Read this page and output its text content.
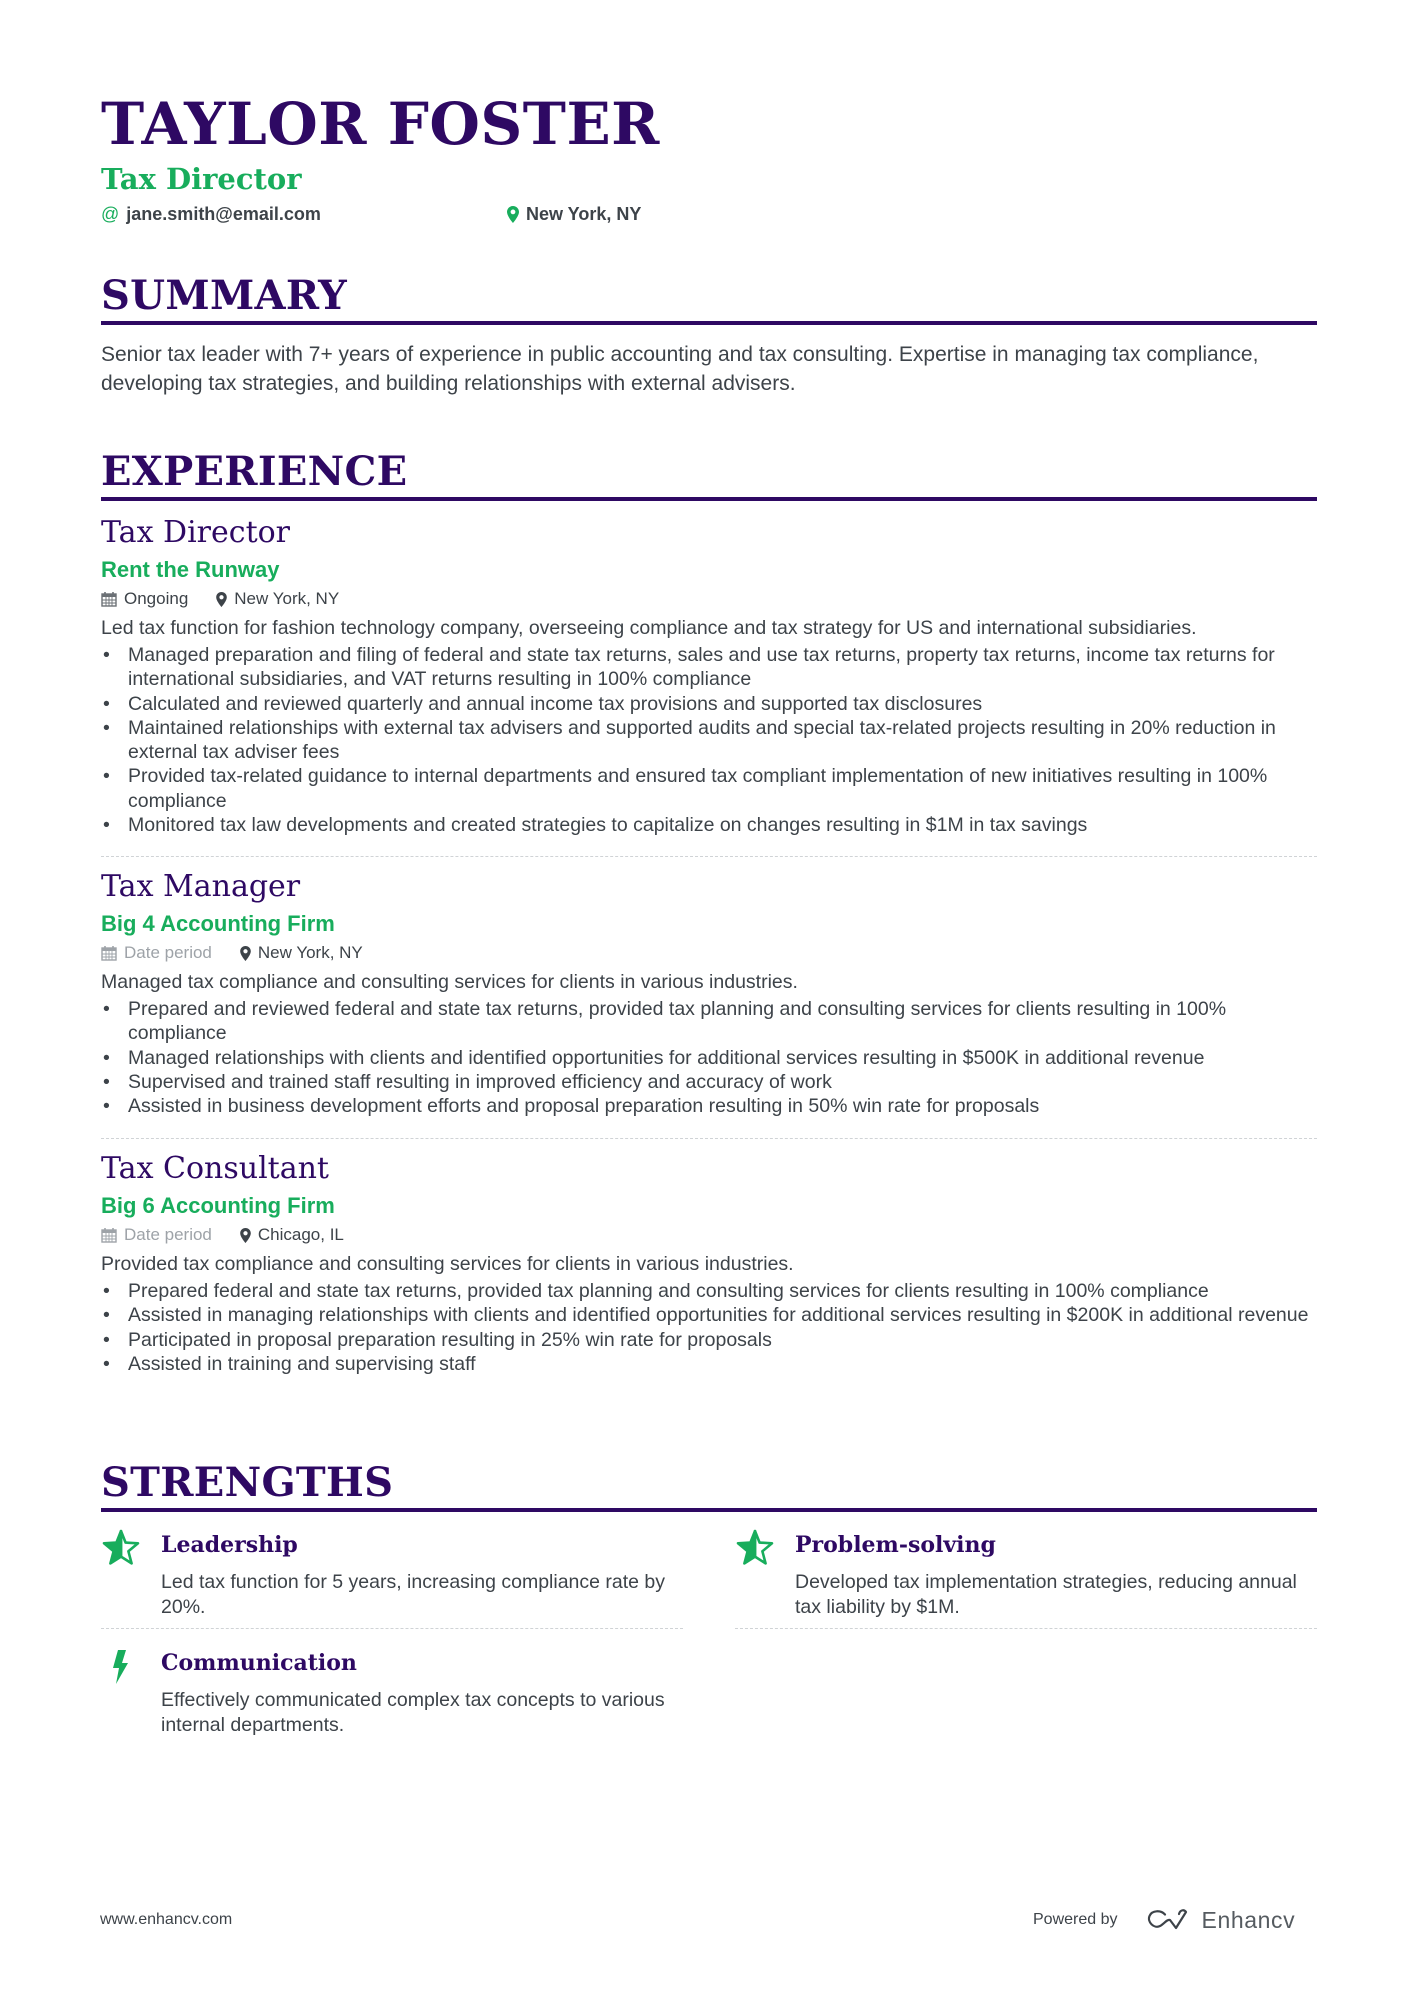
TAYLOR FOSTER
Tax Director
@ jane.smith@email.com	New York, NY
SUMMARY
Senior tax leader with 7+ years of experience in public accounting and tax consulting. Expertise in managing tax compliance, developing tax strategies, and building relationships with external advisers.
EXPERIENCE
Tax Director
Rent the Runway
Ongoing	New York, NY
Led tax function for fashion technology company, overseeing compliance and tax strategy for US and international subsidiaries.
• Managed preparation and filing of federal and state tax returns, sales and use tax returns, property tax returns, income tax returns for international subsidiaries, and VAT returns resulting in 100% compliance
• Calculated and reviewed quarterly and annual income tax provisions and supported tax disclosures
• Maintained relationships with external tax advisers and supported audits and special tax-related projects resulting in 20% reduction in external tax adviser fees
• Provided tax-related guidance to internal departments and ensured tax compliant implementation of new initiatives resulting in 100% compliance
• Monitored tax law developments and created strategies to capitalize on changes resulting in $1M in tax savings
Tax Manager
Big 4 Accounting Firm
Date period	New York, NY
Managed tax compliance and consulting services for clients in various industries.
• Prepared and reviewed federal and state tax returns, provided tax planning and consulting services for clients resulting in 100% compliance
• Managed relationships with clients and identified opportunities for additional services resulting in $500K in additional revenue
• Supervised and trained staff resulting in improved efficiency and accuracy of work
• Assisted in business development efforts and proposal preparation resulting in 50% win rate for proposals
Tax Consultant
Big 6 Accounting Firm
Date period	Chicago, IL
Provided tax compliance and consulting services for clients in various industries.
• Prepared federal and state tax returns, provided tax planning and consulting services for clients resulting in 100% compliance
• Assisted in managing relationships with clients and identified opportunities for additional services resulting in $200K in additional revenue
• Participated in proposal preparation resulting in 25% win rate for proposals
• Assisted in training and supervising staff
STRENGTHS
Leadership
Led tax function for 5 years, increasing compliance rate by 20%.
Problem-solving
Developed tax implementation strategies, reducing annual tax liability by $1M.
Communication
Effectively communicated complex tax concepts to various internal departments.
www.enhancv.com	Powered by	Enhancv
